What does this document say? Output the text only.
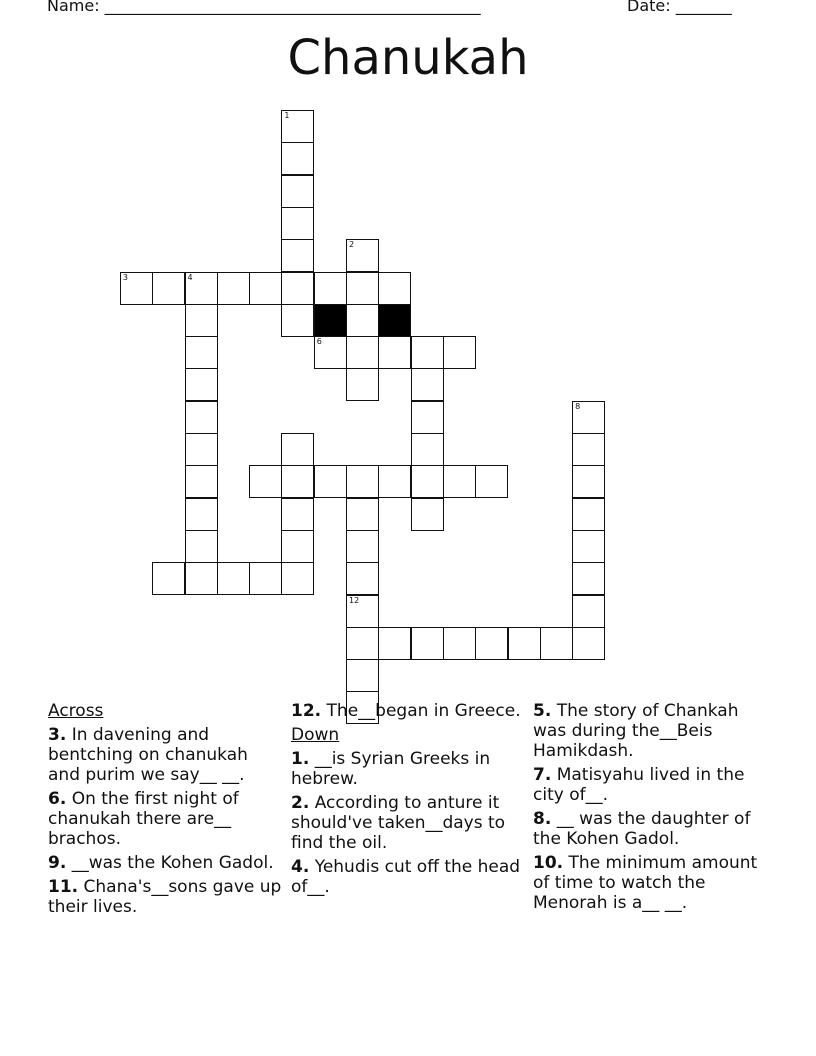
Name: _______________________________________________	Date: _______
Chanukah
1
2
3	4
6
8
12
Across
3. In davening and bentching on chanukah and purim we say__ __.
6. On the first night of chanukah there are__ brachos.
9. __was the Kohen Gadol.
11. Chana's__sons gave up their lives.
12. The__began in Greece.
Down
1. __is Syrian Greeks in hebrew.
2. According to anture it should've taken__days to find the oil.
4. Yehudis cut off the head of__.
5. The story of Chankah was during the__Beis Hamikdash.
7. Matisyahu lived in the city of__.
8. __ was the daughter of the Kohen Gadol.
10. The minimum amount of time to watch the Menorah is a__ __.
